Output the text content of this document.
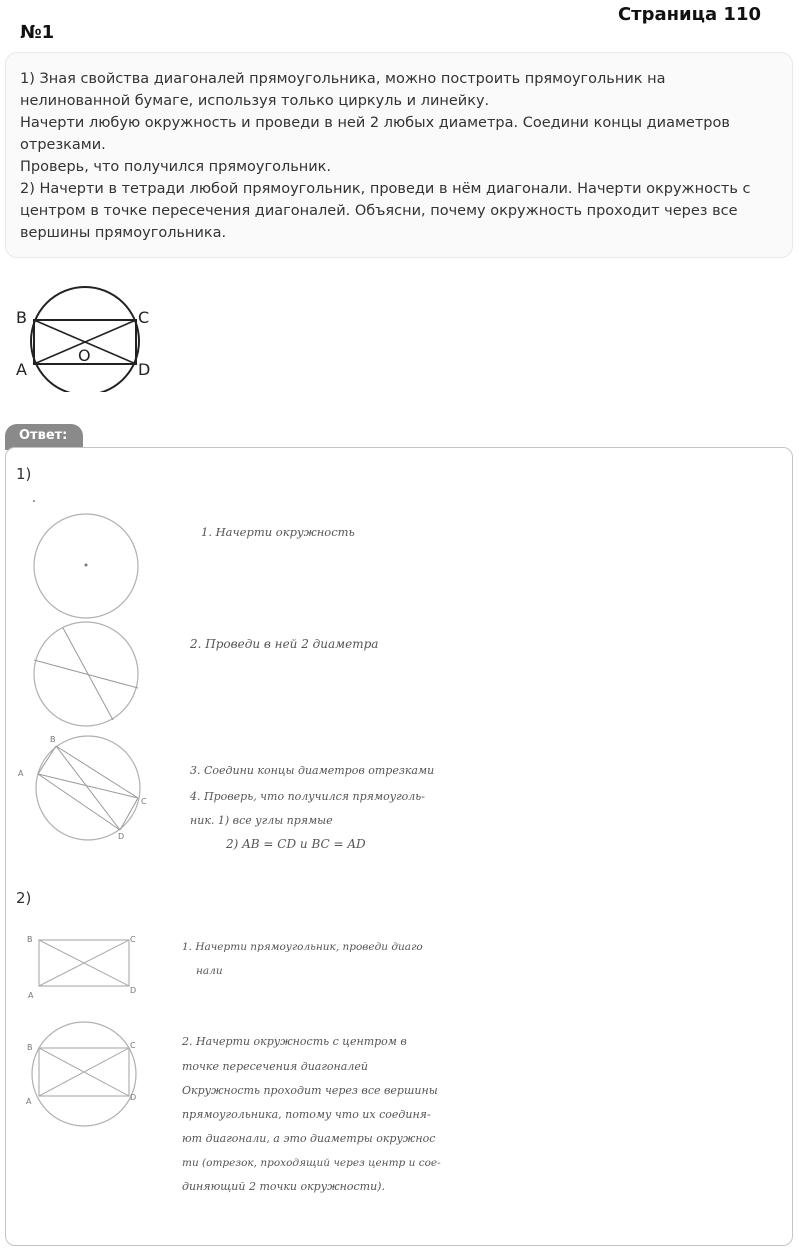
Страница 110
№1

1) Зная свойства диагоналей прямоугольника, можно построить прямоугольник на нелинованной бумаге, используя только циркуль и линейку.

Начерти любую окружность и проведи в ней 2 любых диаметра. Соедини концы диаметров отрезками.

Проверь, что получился прямоугольник.

2) Начерти в тетради любой прямоугольник, проведи в нём диагонали. Начерти окружность с центром в точке пересечения диагоналей. Объясни, почему окружность проходит через все вершины прямоугольника.

B	C
A	D
O
Ответ:
1)
2)
B
A
C
D
B	C
A
D
B	C
A	D
1. Начерти окружность
2. Проведи в ней 2 диаметра
3. Соедини концы диаметров отрезками
4. Проверь, что получился прямоуголь-
ник. 1) все углы прямые
2) AB = CD и BC = AD
1. Начерти прямоугольник, проведи диаго
нали
2. Начерти окружность с центром в
точке пересечения диагоналей
Окружность проходит через все вершины
прямоугольника, потому что их соединя-
ют диагонали, а это диаметры окружнос
ти (отрезок, проходящий через центр и сое-
диняющий 2 точки окружности).
